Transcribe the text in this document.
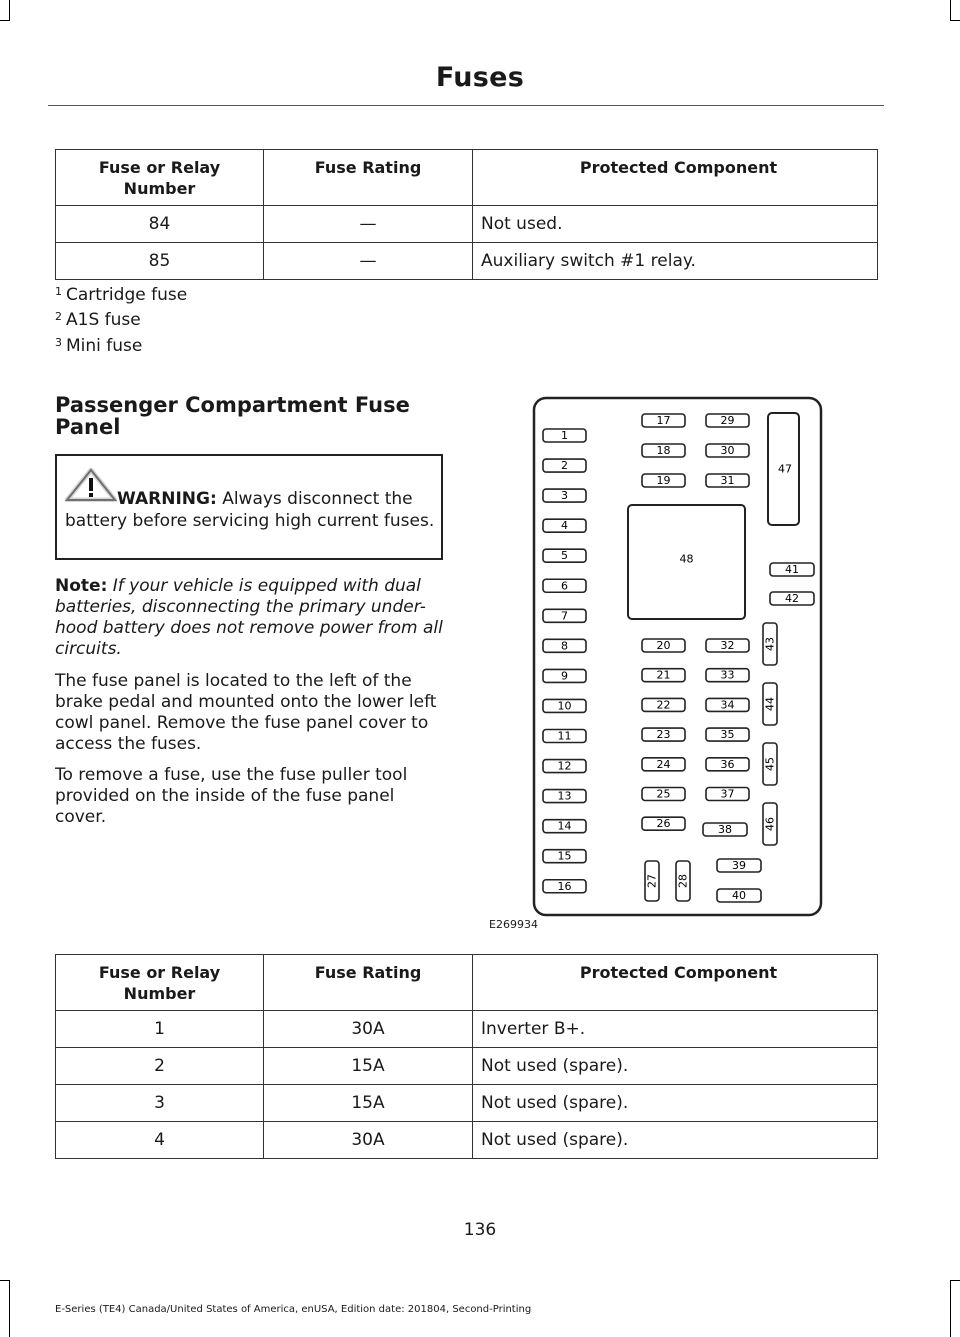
Fuses
Fuse or Relay
Number	Fuse Rating	Protected Component
84	—	Not used.
85	—	Auxiliary switch #1 relay.
$^1$ Cartridge fuse
$^2$ A1S fuse
$^3$ Mini fuse
Passenger Compartment Fuse Panel
WARNING: Always disconnect the battery before servicing high current fuses.
Note: If your vehicle is equipped with dual batteries, disconnecting the primary under-hood battery does not remove power from all circuits.
The fuse panel is located to the left of the brake pedal and mounted onto the lower left cowl panel. Remove the fuse panel cover to access the fuses.
To remove a fuse, use the fuse puller tool provided on the inside of the fuse panel cover.
1
2
3
4
5
6
7
8
9
10
11
12
13
14
15
16
17
18
19
29
30
31
48
47
41
42
20
21
22
23
24
25
26
32
33
34
35
36
37
38
39
40
27 28
43
44
45
46
E269934
Fuse or Relay
Number	Fuse Rating	Protected Component
1	30A	Inverter B+.
2	15A	Not used (spare).
3	15A	Not used (spare).
4	30A	Not used (spare).
136
E-Series (TE4) Canada/United States of America, enUSA, Edition date: 201804, Second-Printing
